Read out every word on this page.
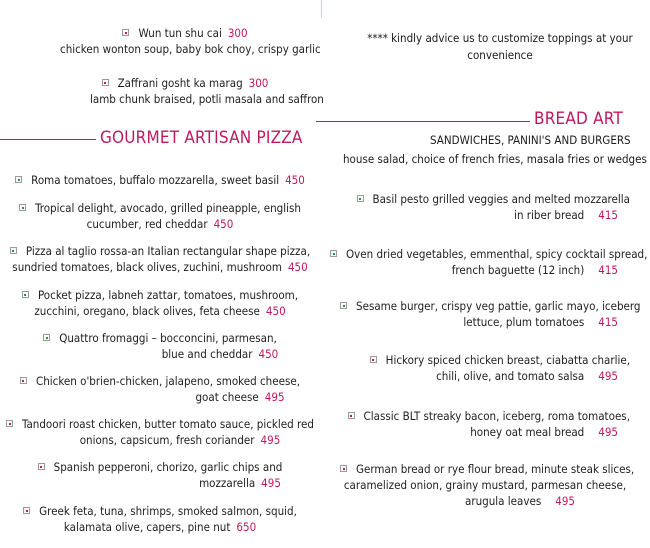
Wun tun shu cai 300
chicken wonton soup, baby bok choy, crispy garlic
Zaffrani gosht ka marag 300
lamb chunk braised, potli masala and saffron
GOURMET ARTISAN PIZZA
Roma tomatoes, buffalo mozzarella, sweet basil 450
Tropical delight, avocado, grilled pineapple, english
cucumber, red cheddar 450
Pizza al taglio rossa-an Italian rectangular shape pizza,
sundried tomatoes, black olives, zuchini, mushroom 450
Pocket pizza, labneh zattar, tomatoes, mushroom,
zucchini, oregano, black olives, feta cheese 450
Quattro fromaggi – bocconcini, parmesan,
blue and cheddar 450
Chicken o'brien-chicken, jalapeno, smoked cheese,
goat cheese 495
Tandoori roast chicken, butter tomato sauce, pickled red
onions, capsicum, fresh coriander 495
Spanish pepperoni, chorizo, garlic chips and
mozzarella 495
Greek feta, tuna, shrimps, smoked salmon, squid,
kalamata olive, capers, pine nut 650
**** kindly advice us to customize toppings at your convenience
BREAD ART
SANDWICHES, PANINI'S AND BURGERS
house salad, choice of french fries, masala fries or wedges
Basil pesto grilled veggies and melted mozzarella
in riber bread 415
Oven dried vegetables, emmenthal, spicy cocktail spread,
french baguette (12 inch) 415
Sesame burger, crispy veg pattie, garlic mayo, iceberg
lettuce, plum tomatoes 415
Hickory spiced chicken breast, ciabatta charlie,
chili, olive, and tomato salsa 495
Classic BLT streaky bacon, iceberg, roma tomatoes,
honey oat meal bread 495
German bread or rye flour bread, minute steak slices,
caramelized onion, grainy mustard, parmesan cheese,
arugula leaves 495
